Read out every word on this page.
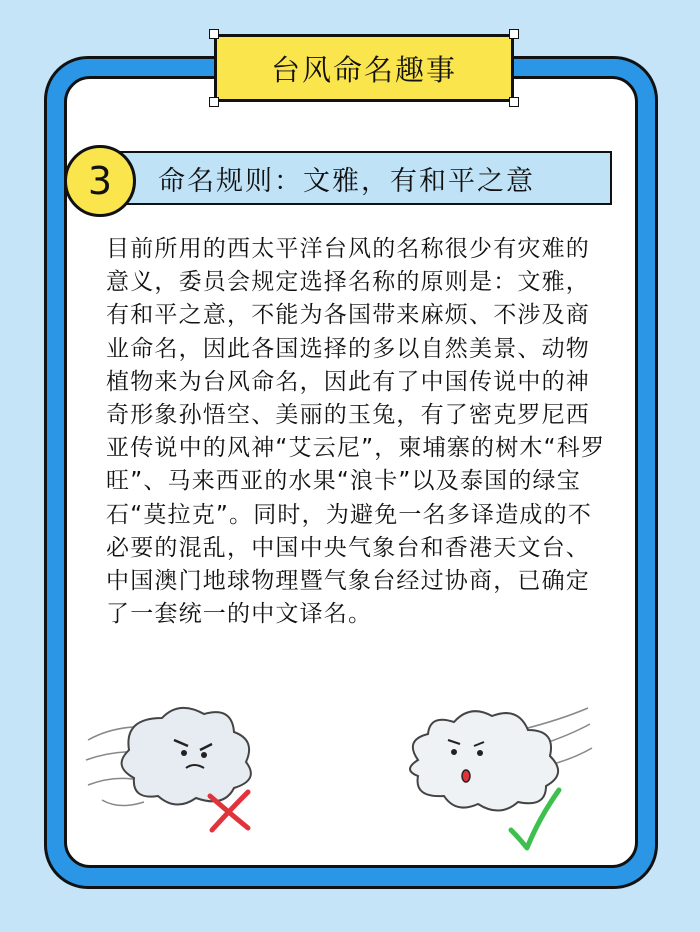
台风命名趣事
命名规则：文雅，有和平之意
3

目前所用的西太平洋台风的名称很少有灾难的意义，委员会规定选择名称的原则是：文雅，有和平之意，不能为各国带来麻烦、不涉及商业命名，因此各国选择的多以自然美景、动物植物来为台风命名，因此有了中国传说中的神奇形象孙悟空、美丽的玉兔，有了密克罗尼西亚传说中的风神“艾云尼”，柬埔寨的树木“科罗旺”、马来西亚的水果“浪卡”以及泰国的绿宝石“莫拉克”。同时，为避免一名多译造成的不必要的混乱，中国中央气象台和香港天文台、中国澳门地球物理暨气象台经过协商，已确定了一套统一的中文译名。
